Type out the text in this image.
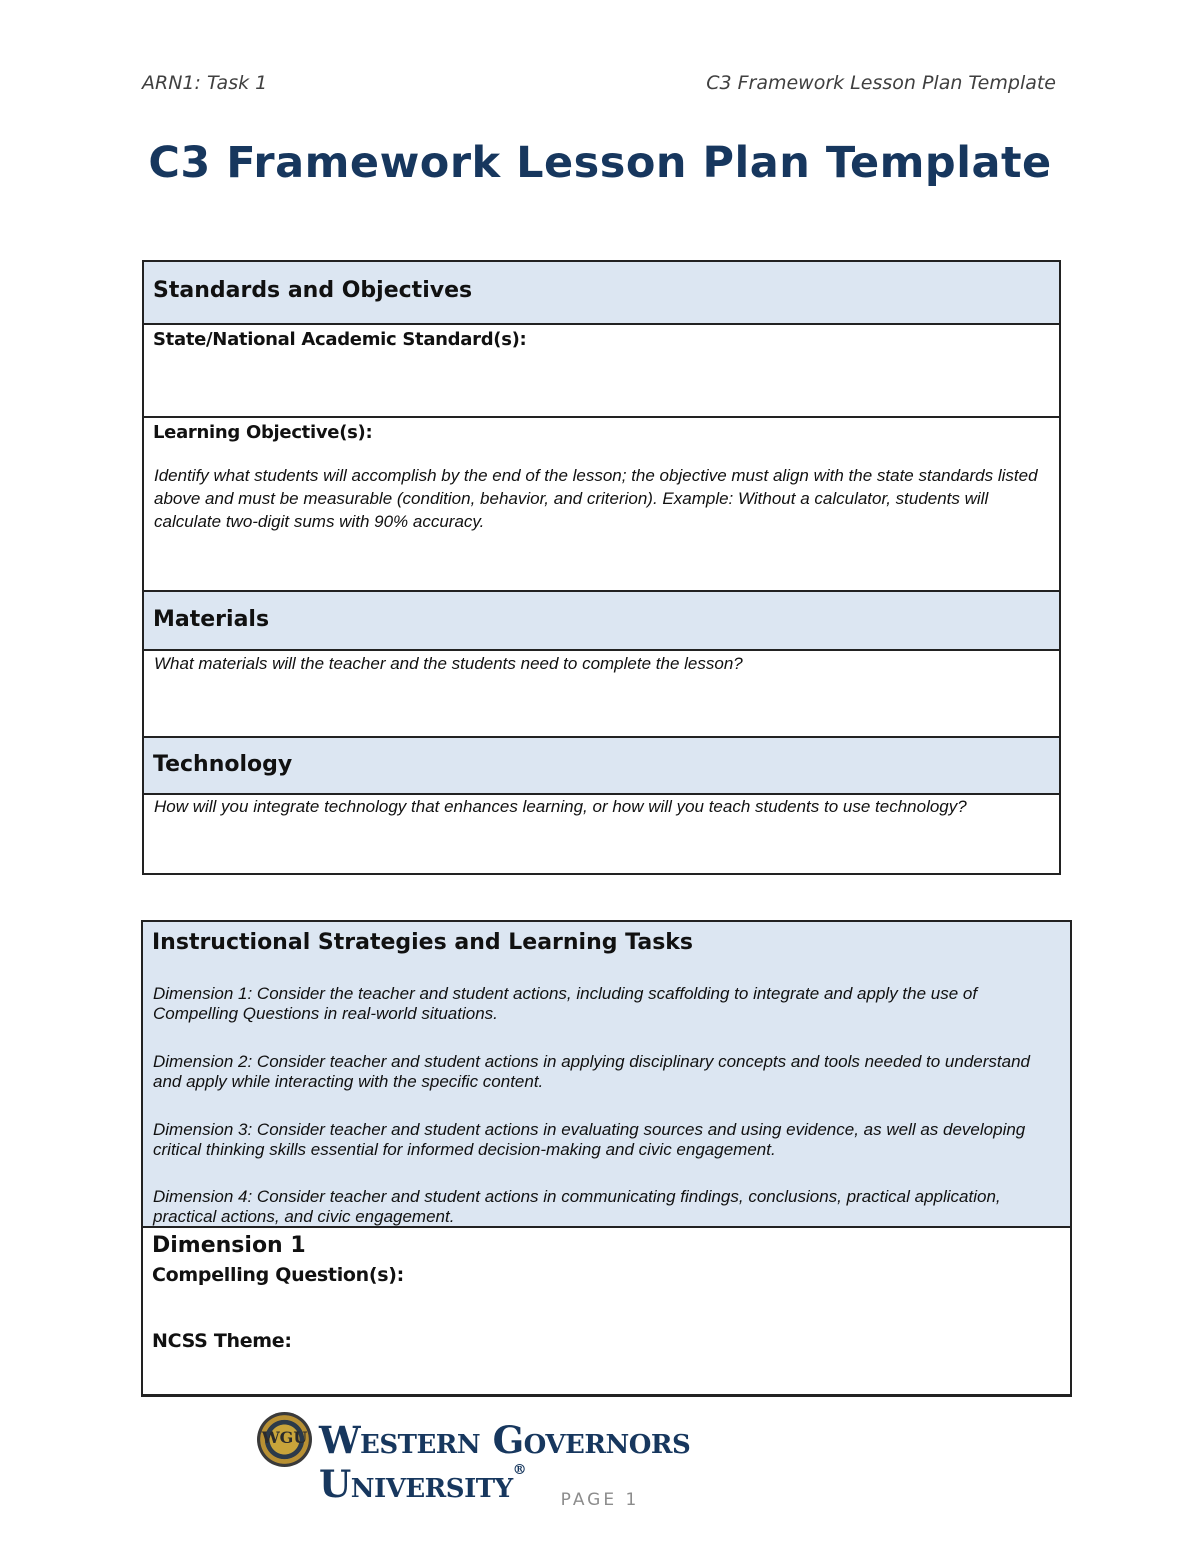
ARN1: Task 1	C3 Framework Lesson Plan Template
C3 Framework Lesson Plan Template
Standards and Objectives
State/National Academic Standard(s):
Learning Objective(s):
Identify what students will accomplish by the end of the lesson; the objective must align with the state standards listed above and must be measurable (condition, behavior, and criterion). Example: Without a calculator, students will calculate two-digit sums with 90% accuracy.
Materials
What materials will the teacher and the students need to complete the lesson?
Technology
How will you integrate technology that enhances learning, or how will you teach students to use technology?
Instructional Strategies and Learning Tasks
Dimension 1: Consider the teacher and student actions, including scaffolding to integrate and apply the use of Compelling Questions in real-world situations.
Dimension 2: Consider teacher and student actions in applying disciplinary concepts and tools needed to understand and apply while interacting with the specific content.
Dimension 3: Consider teacher and student actions in evaluating sources and using evidence, as well as developing critical thinking skills essential for informed decision-making and civic engagement.
Dimension 4: Consider teacher and student actions in communicating findings, conclusions, practical application, practical actions, and civic engagement.
Dimension 1
Compelling Question(s):
NCSS Theme:
WGU Western Governors University®
PAGE 1
